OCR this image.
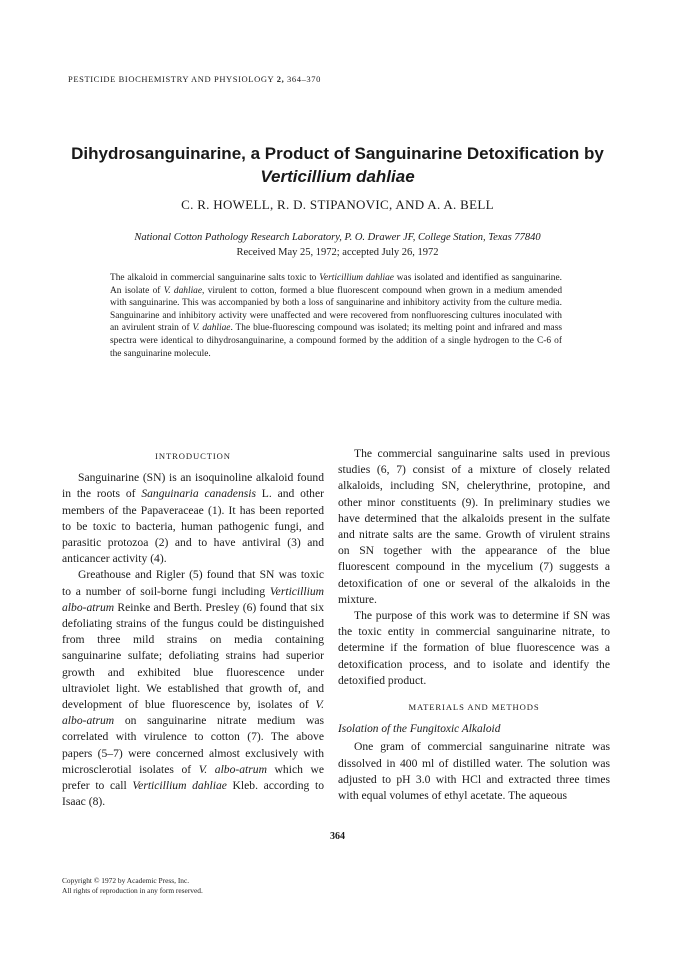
PESTICIDE BIOCHEMISTRY AND PHYSIOLOGY 2, 364–370
Dihydrosanguinarine, a Product of Sanguinarine Detoxification by
Verticillium dahliae
C. R. HOWELL, R. D. STIPANOVIC, AND A. A. BELL
National Cotton Pathology Research Laboratory, P. O. Drawer JF, College Station, Texas 77840
Received May 25, 1972; accepted July 26, 1972
The alkaloid in commercial sanguinarine salts toxic to Verticillium dahliae was isolated and identified as sanguinarine. An isolate of V. dahliae, virulent to cotton, formed a blue fluorescent compound when grown in a medium amended with sanguinarine. This was accompanied by both a loss of sanguinarine and inhibitory activity from the culture media. Sanguinarine and inhibitory activity were unaffected and were recovered from nonfluorescing cultures inoculated with an avirulent strain of V. dahliae. The blue-fluorescing compound was isolated; its melting point and infrared and mass spectra were identical to dihydrosanguinarine, a compound formed by the addition of a single hydrogen to the C-6 of the sanguinarine molecule.
INTRODUCTION

Sanguinarine (SN) is an isoquinoline alkaloid found in the roots of Sanguinaria canadensis L. and other members of the Papaveraceae (1). It has been reported to be toxic to bacteria, human pathogenic fungi, and parasitic protozoa (2) and to have antiviral (3) and anticancer activity (4).

Greathouse and Rigler (5) found that SN was toxic to a number of soil-borne fungi including Verticillium albo-atrum Reinke and Berth. Presley (6) found that six defoliating strains of the fungus could be distinguished from three mild strains on media containing sanguinarine sulfate; defoliating strains had superior growth and exhibited blue fluorescence under ultraviolet light. We established that growth of, and development of blue fluorescence by, isolates of V. albo-atrum on sanguinarine nitrate medium was correlated with virulence to cotton (7). The above papers (5–7) were concerned almost exclusively with microsclerotial isolates of V. albo-atrum which we prefer to call Verticillium dahliae Kleb. according to Isaac (8).

The commercial sanguinarine salts used in previous studies (6, 7) consist of a mixture of closely related alkaloids, including SN, chelerythrine, protopine, and other minor constituents (9). In preliminary studies we have determined that the alkaloids present in the sulfate and nitrate salts are the same. Growth of virulent strains on SN together with the appearance of the blue fluorescent compound in the mycelium (7) suggests a detoxification of one or several of the alkaloids in the mixture.

The purpose of this work was to determine if SN was the toxic entity in commercial sanguinarine nitrate, to determine if the formation of blue fluorescence was a detoxification process, and to isolate and identify the detoxified product.

MATERIALS AND METHODS
Isolation of the Fungitoxic Alkaloid

One gram of commercial sanguinarine nitrate was dissolved in 400 ml of distilled water. The solution was adjusted to pH 3.0 with HCl and extracted three times with equal volumes of ethyl acetate. The aqueous

364
Copyright © 1972 by Academic Press, Inc.
All rights of reproduction in any form reserved.
